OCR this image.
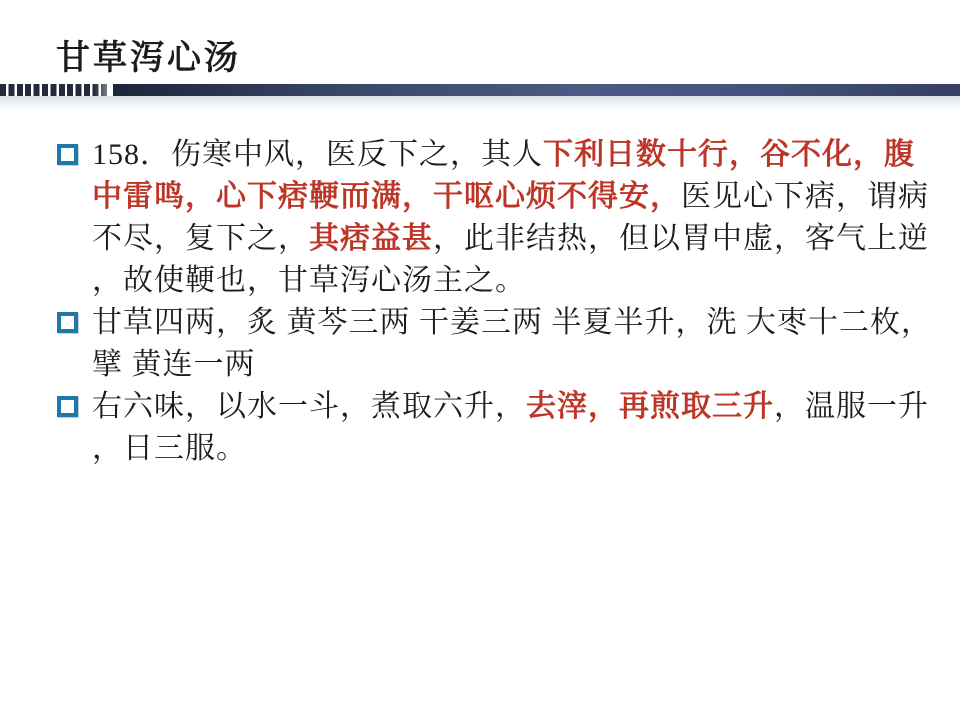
甘草泻心汤
158．伤寒中风，医反下之，其人下利日数十行，谷不化，腹
中雷鸣，心下痞鞕而满，干呕心烦不得安，医见心下痞，谓病
不尽，复下之，其痞益甚，此非结热，但以胃中虚，客气上逆
，故使鞕也，甘草泻心汤主之。
甘草四两，炙 黄芩三两 干姜三两 半夏半升，洗 大枣十二枚，
擘 黄连一两
右六味，以水一斗，煮取六升，去滓，再煎取三升，温服一升
，日三服。
